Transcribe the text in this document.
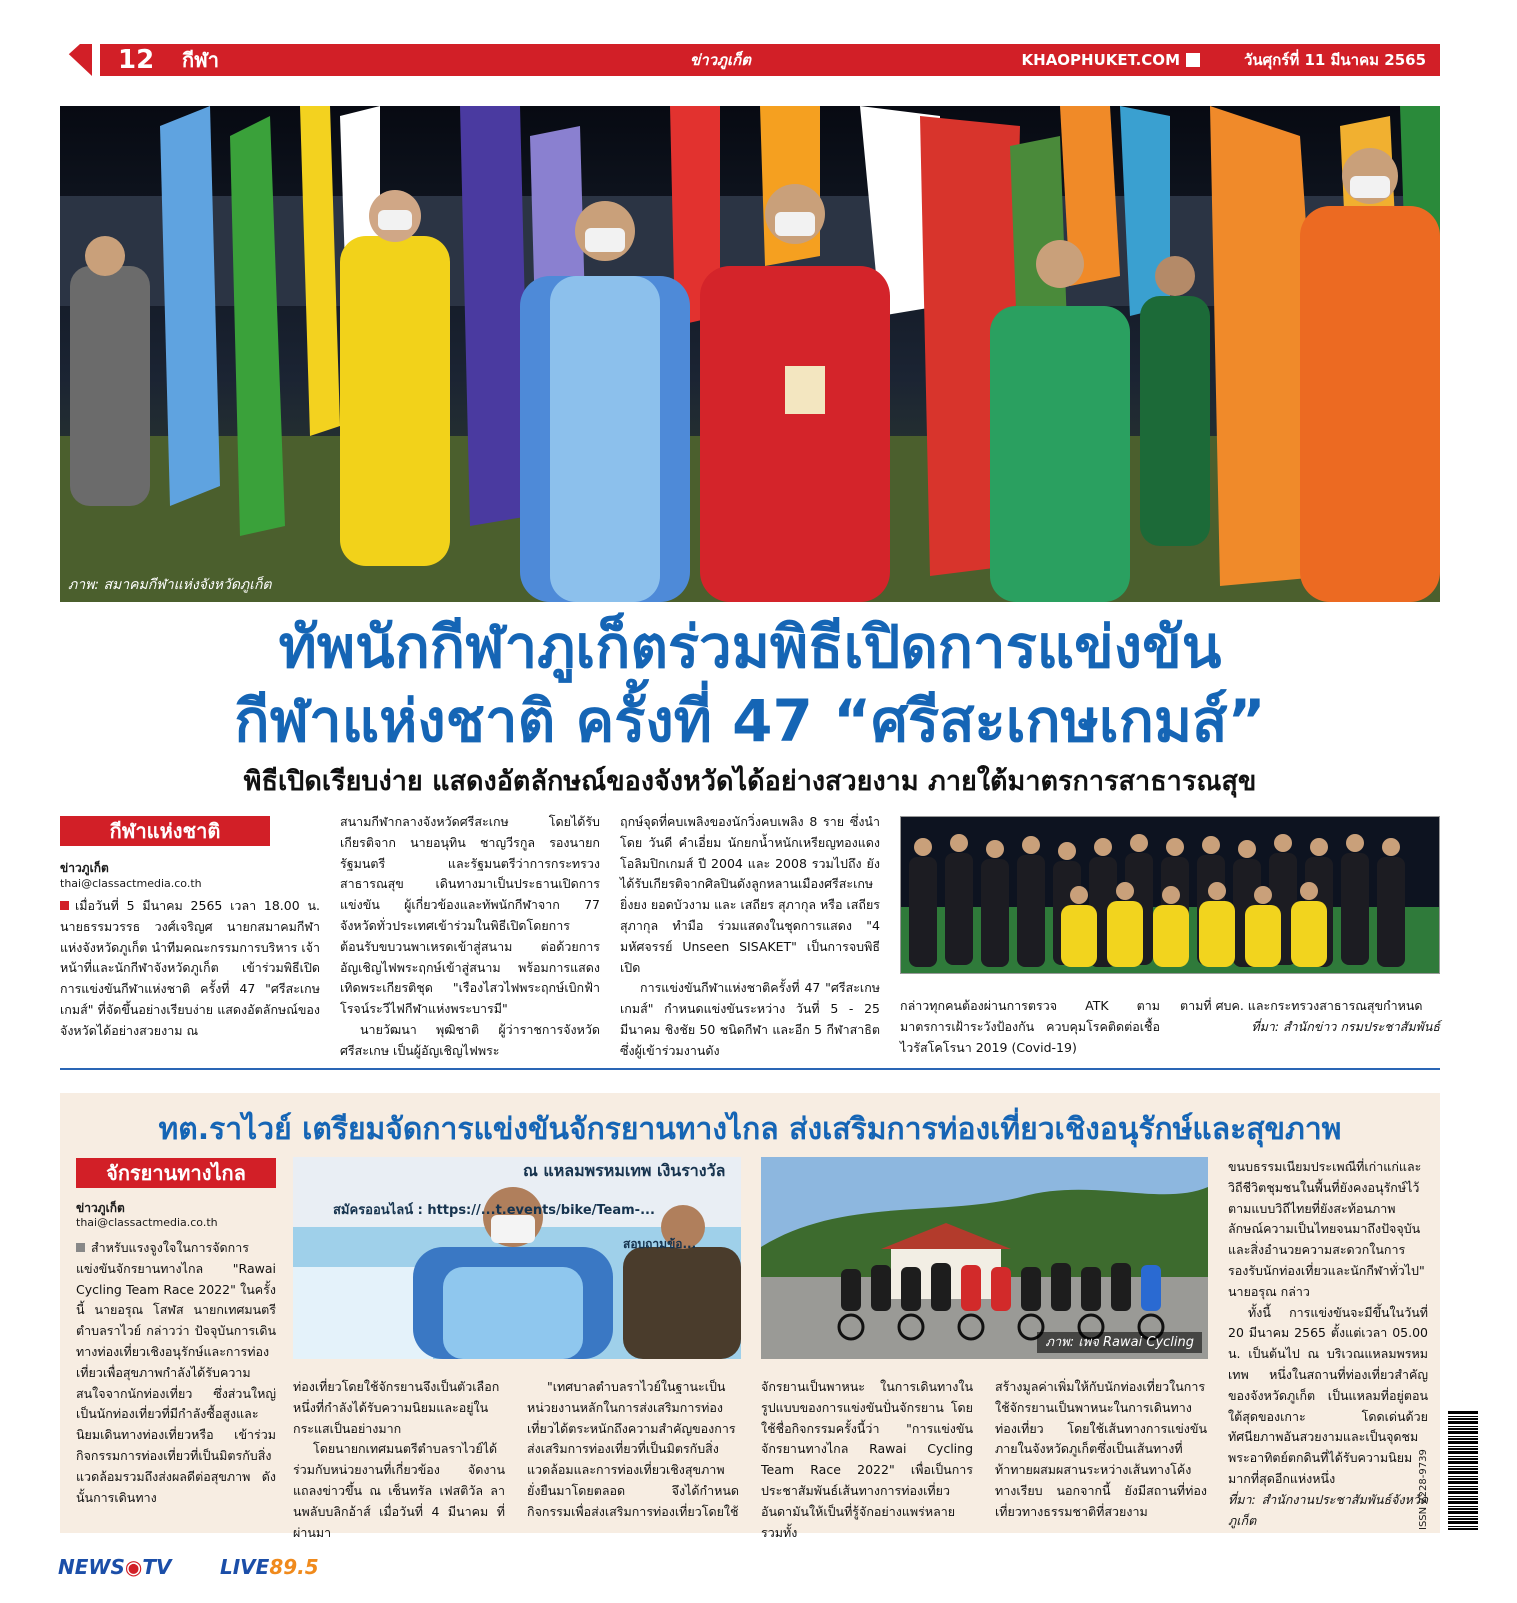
12 กีฬา	ข่าวภูเก็ต	KHAOPHUKET.COM	วันศุกร์ที่ 11 มีนาคม 2565
ภาพ: สมาคมกีฬาแห่งจังหวัดภูเก็ต
ทัพนักกีฬาภูเก็ตร่วมพิธีเปิดการแข่งขัน
กีฬาแห่งชาติ ครั้งที่ 47 “ศรีสะเกษเกมส์”
พิธีเปิดเรียบง่าย แสดงอัตลักษณ์ของจังหวัดได้อย่างสวยงาม ภายใต้มาตรการสาธารณสุข
กีฬาแห่งชาติ
ข่าวภูเก็ต
thai@classactmedia.co.th
เมื่อวันที่ 5 มีนาคม 2565 เวลา 18.00 น. นายธรรมวรรธ วงศ์เจริญศ นายกสมาคมกีฬาแห่งจังหวัดภูเก็ต นำทีมคณะกรรมการบริหาร เจ้าหน้าที่และนักกีฬาจังหวัดภูเก็ต เข้าร่วมพิธีเปิดการแข่งขันกีฬาแห่งชาติ ครั้งที่ 47 "ศรีสะเกษเกมส์" ที่จัดขึ้นอย่างเรียบง่าย แสดงอัตลักษณ์ของจังหวัดได้อย่างสวยงาม ณ
สนามกีฬากลางจังหวัดศรีสะเกษ โดยได้รับ เกียรติจาก นายอนุทิน ชาญวีรกูล รองนายกรัฐมนตรี และรัฐมนตรีว่าการกระทรวงสาธารณสุข เดินทางมาเป็นประธานเปิดการแข่งขัน ผู้เกี่ยวข้องและทัพนักกีฬาจาก 77 จังหวัดทั่วประเทศเข้าร่วมในพิธีเปิดโดยการต้อนรับขบวนพาเหรดเข้าสู่สนาม ต่อด้วยการอัญเชิญไฟพระฤกษ์เข้าสู่สนาม พร้อมการแสดงเทิดพระเกียรติชุด "เรืองไสวไฟพระฤกษ์เบิกฟ้า โรจน์ระวีไฟกีฬาแห่งพระบารมี"
นายวัฒนา พุฒิชาติ ผู้ว่าราชการจังหวัดศรีสะเกษ เป็นผู้อัญเชิญไฟพระ
ฤกษ์จุดที่คบเพลิงของนักวิ่งคบเพลิง 8 ราย ซึ่งนำโดย วันดี คำเอี่ยม นักยกน้ำหนักเหรียญทองแดง โอลิมปิกเกมส์ ปี 2004 และ 2008 รวมไปถึง ยังได้รับเกียรติจากศิลปินดังลูกหลานเมืองศรีสะเกษ ยิ่งยง ยอดบัวงาม และ เสถียร สุภากุล หรือ เสถียร สุภากุล ทำมือ ร่วมแสดงในชุดการแสดง "4 มหัศจรรย์ Unseen SISAKET" เป็นการจบพิธีเปิด
การแข่งขันกีฬาแห่งชาติครั้งที่ 47 "ศรีสะเกษเกมส์" กำหนดแข่งขันระหว่าง วันที่ 5 - 25 มีนาคม ชิงชัย 50 ชนิดกีฬา และอีก 5 กีฬาสาธิต ซึ่งผู้เข้าร่วมงานดัง
กล่าวทุกคนต้องผ่านการตรวจ ATK ตามมาตรการเฝ้าระวังป้องกัน ควบคุมโรคติดต่อเชื้อไวรัสโคโรนา 2019 (Covid-19)
ตามที่ ศบค. และกระทรวงสาธารณสุขกำหนด
ที่มา: สำนักข่าว กรมประชาสัมพันธ์
ทต.ราไวย์ เตรียมจัดการแข่งขันจักรยานทางไกล ส่งเสริมการท่องเที่ยวเชิงอนุรักษ์และสุขภาพ
จักรยานทางไกล
ข่าวภูเก็ต
thai@classactmedia.co.th
สำหรับแรงจูงใจในการจัดการแข่งขันจักรยานทางไกล "Rawai Cycling Team Race 2022" ในครั้งนี้ นายอรุณ โสฬส นายกเทศมนตรีตำบลราไวย์ กล่าวว่า ปัจจุบันการเดินทางท่องเที่ยวเชิงอนุรักษ์และการท่องเที่ยวเพื่อสุขภาพกำลังได้รับความสนใจจากนักท่องเที่ยว ซึ่งส่วนใหญ่เป็นนักท่องเที่ยวที่มีกำลังซื้อสูงและนิยมเดินทางท่องเที่ยวหรือ เข้าร่วมกิจกรรมการท่องเที่ยวที่เป็นมิตรกับสิ่งแวดล้อมรวมถึงส่งผลดีต่อสุขภาพ ดังนั้นการเดินทาง
ณ แหลมพรหมเทพ เงินรางวัล
สมัครออนไลน์ : https://...t.events/bike/Team-...
สอบถามข้อ...
ภาพ: เพจ Rawai Cycling
ท่องเที่ยวโดยใช้จักรยานจึงเป็นตัวเลือกหนึ่งที่กำลังได้รับความนิยมและอยู่ในกระแสเป็นอย่างมาก
โดยนายกเทศมนตรีตำบลราไวย์ได้ร่วมกับหน่วยงานที่เกี่ยวข้อง จัดงานแถลงข่าวขึ้น ณ เซ็นทรัล เฟสติวัล ลานพลับบลิกอ้าส์ เมื่อวันที่ 4 มีนาคม ที่ผ่านมา
"เทศบาลตำบลราไวย์ในฐานะเป็นหน่วยงานหลักในการส่งเสริมการท่องเที่ยวได้ตระหนักถึงความสำคัญของการส่งเสริมการท่องเที่ยวที่เป็นมิตรกับสิ่งแวดล้อมและการท่องเที่ยวเชิงสุขภาพยั่งยืนมาโดยตลอด จึงได้กำหนดกิจกรรมเพื่อส่งเสริมการท่องเที่ยวโดยใช้
จักรยานเป็นพาหนะ ในการเดินทางในรูปแบบของการแข่งขันปั่นจักรยาน โดยใช้ชื่อกิจกรรมครั้งนี้ว่า "การแข่งขันจักรยานทางไกล Rawai Cycling Team Race 2022" เพื่อเป็นการประชาสัมพันธ์เส้นทางการท่องเที่ยวอันดามันให้เป็นที่รู้จักอย่างแพร่หลาย รวมทั้ง
สร้างมูลค่าเพิ่มให้กับนักท่องเที่ยวในการใช้จักรยานเป็นพาหนะในการเดินทางท่องเที่ยว โดยใช้เส้นทางการแข่งขันภายในจังหวัดภูเก็ตซึ่งเป็นเส้นทางที่ท้าทายผสมผสานระหว่างเส้นทางโค้ง ทางเรียบ นอกจากนี้ ยังมีสถานที่ท่องเที่ยวทางธรรมชาติที่สวยงาม
ขนบธรรมเนียมประเพณีที่เก่าแก่และวิถีชีวิตชุมชนในพื้นที่ยังคงอนุรักษ์ไว้ตามแบบวิถีไทยที่ยังสะท้อนภาพลักษณ์ความเป็นไทยจนมาถึงปัจจุบัน และสิ่งอำนวยความสะดวกในการรองรับนักท่องเที่ยวและนักกีฬาทั่วไป" นายอรุณ กล่าว
ทั้งนี้ การแข่งขันจะมีขึ้นในวันที่ 20 มีนาคม 2565 ตั้งแต่เวลา 05.00 น. เป็นต้นไป ณ บริเวณแหลมพรหมเทพ หนึ่งในสถานที่ท่องเที่ยวสำคัญของจังหวัดภูเก็ต เป็นแหลมที่อยู่ตอนใต้สุดของเกาะ โดดเด่นด้วยทัศนียภาพอันสวยงามและเป็นจุดชมพระอาทิตย์ตกดินที่ได้รับความนิยมมากที่สุดอีกแห่งหนึ่ง
ที่มา: สำนักงานประชาสัมพันธ์จังหวัดภูเก็ต	ISSN 2228-9739
NEWS◉TV LIVE89.5
